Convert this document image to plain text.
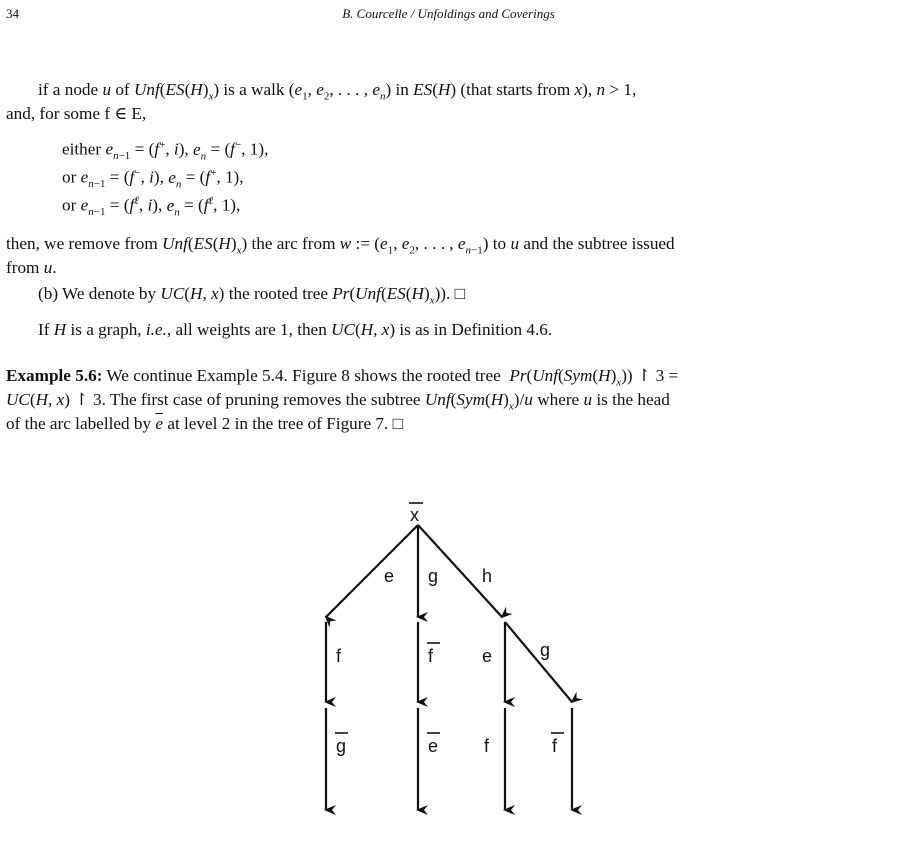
34	B. Courcelle / Unfoldings and Coverings
if a node u of $Unf(ES(H)_x)$ is a walk ($e_1$, $e_2$, . . . , $e_n$) in ES(H) (that starts from x), n > 1,
and, for some f ∈ E,
either $e_{n-1} = (f^+$, i), $e_n = (f^-$, 1),
or $e_{n-1} = (f^-$, i), $e_n = (f^+$, 1),
or $e_{n-1} = (f^\ell$, i), $e_n = (f^\ell$, 1),
then, we remove from $Unf(ES(H)_x)$ the arc from w := ($e_1$, $e_2$, . . . , $e_{n-1}$) to u and the subtree issued
from u.
(b) We denote by UC(H, x) the rooted tree $Pr(Unf(ES(H)_x))$. □
If H is a graph, i.e., all weights are 1, then UC(H, x) is as in Definition 4.6.
Example 5.6: We continue Example 5.4. Figure 8 shows the rooted tree  $Pr(Unf(Sym(H)_x))$ ↾ 3 =
UC(H, x) ↾ 3. The first case of pruning removes the subtree $Unf(Sym(H)_x)/u$ where u is the head
of the arc labelled by $\overline{e}$ at level 2 in the tree of Figure 7. □
x
e g h
f	f	e	g
g	e	f	f
